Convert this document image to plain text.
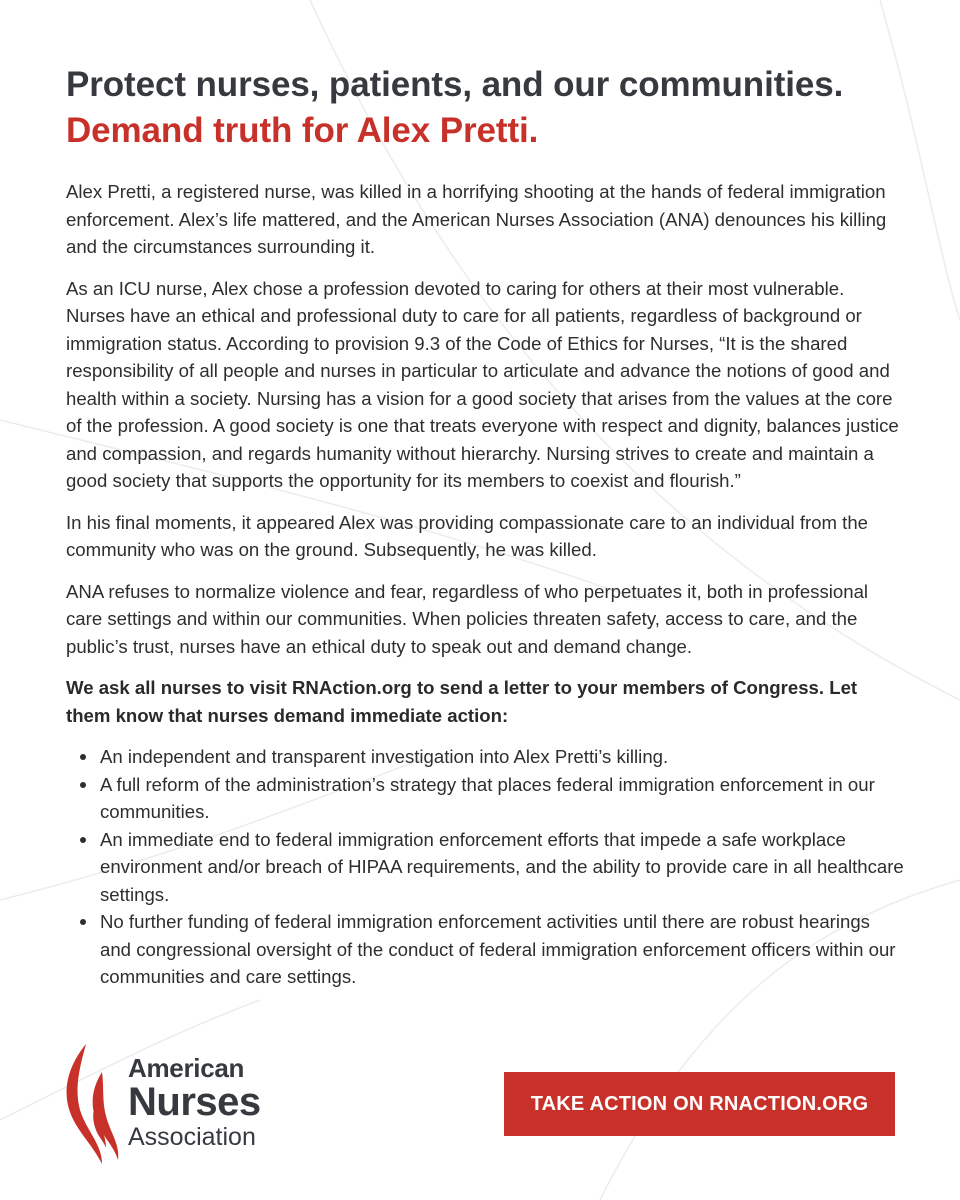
Protect nurses, patients, and our communities.
Demand truth for Alex Pretti.

Alex Pretti, a registered nurse, was killed in a horrifying shooting at the hands of federal immigration enforcement. Alex’s life mattered, and the American Nurses Association (ANA) denounces his killing and the circumstances surrounding it.

As an ICU nurse, Alex chose a profession devoted to caring for others at their most vulnerable. Nurses have an ethical and professional duty to care for all patients, regardless of background or immigration status. According to provision 9.3 of the Code of Ethics for Nurses, “It is the shared responsibility of all people and nurses in particular to articulate and advance the notions of good and health within a society. Nursing has a vision for a good society that arises from the values at the core of the profession. A good society is one that treats everyone with respect and dignity, balances justice and compassion, and regards humanity without hierarchy. Nursing strives to create and maintain a good society that supports the opportunity for its members to coexist and flourish.”

In his final moments, it appeared Alex was providing compassionate care to an individual from the community who was on the ground. Subsequently, he was killed.

ANA refuses to normalize violence and fear, regardless of who perpetuates it, both in professional care settings and within our communities. When policies threaten safety, access to care, and the public’s trust, nurses have an ethical duty to speak out and demand change.

We ask all nurses to visit RNAction.org to send a letter to your members of Congress. Let them know that nurses demand immediate action:

An independent and transparent investigation into Alex Pretti’s killing.
A full reform of the administration’s strategy that places federal immigration enforcement in our communities.
An immediate end to federal immigration enforcement efforts that impede a safe workplace environment and/or breach of HIPAA requirements, and the ability to provide care in all healthcare settings.
No further funding of federal immigration enforcement activities until there are robust hearings and congressional oversight of the conduct of federal immigration enforcement officers within our communities and care settings.
American
Nurses
Association
TAKE ACTION ON RNACTION.ORG
